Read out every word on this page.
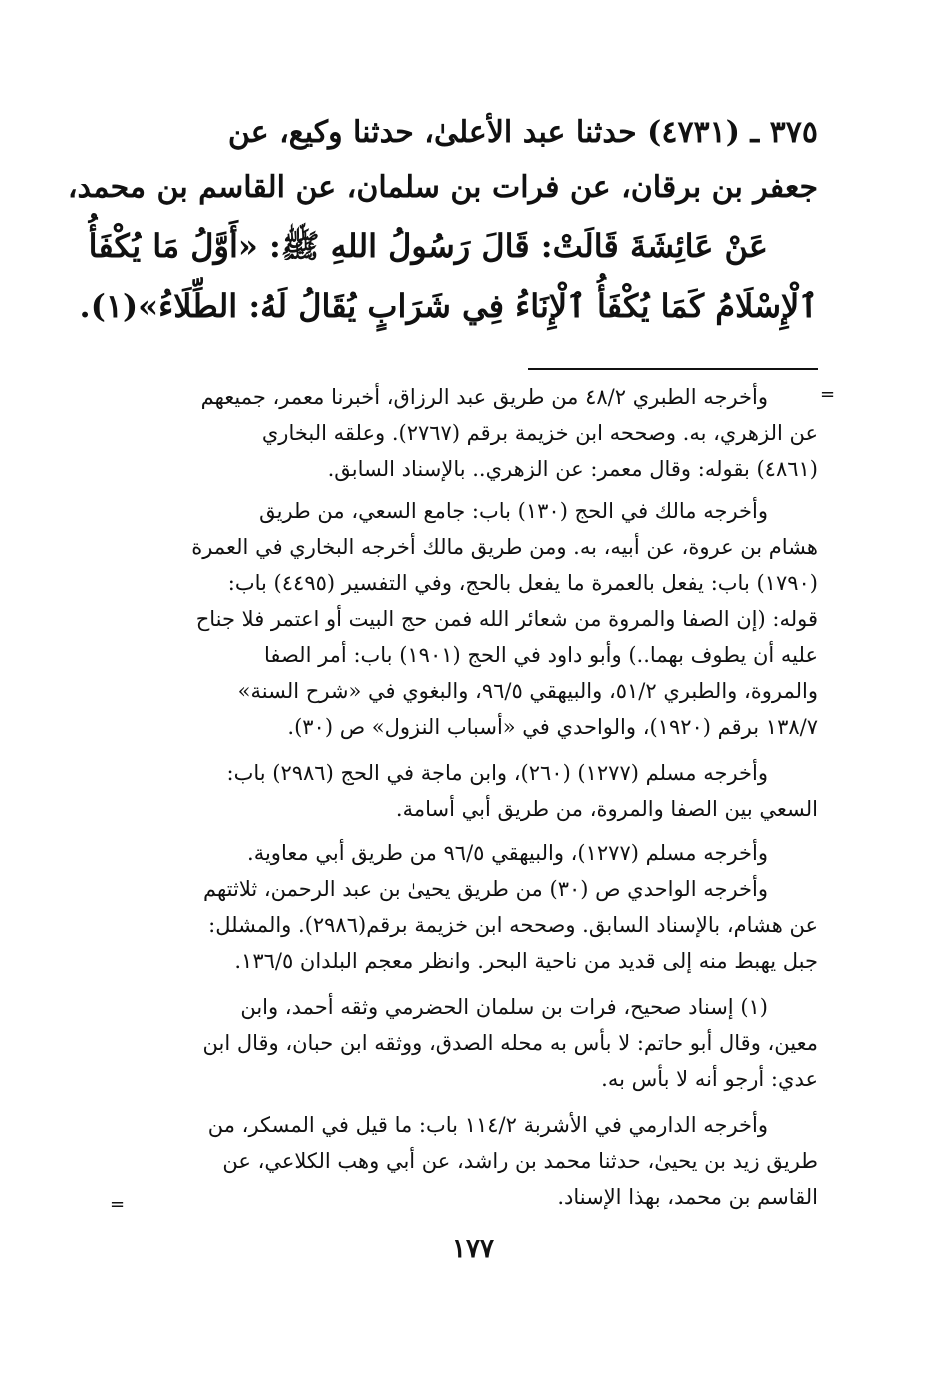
٣٧٥ ـ (٤٧٣١) حدثنا عبد الأعلىٰ، حدثنا وكيع، عن
جعفر بن برقان، عن فرات بن سلمان، عن القاسم بن محمد،
عَنْ عَائِشَةَ قَالَتْ: قَالَ رَسُولُ اللهِ ﷺ: «أَوَّلُ مَا يُكْفَأُ
ٱلْإِسْلَامُ كَمَا يُكْفَأُ ٱلْإِنَاءُ فِي شَرَابٍ يُقَالُ لَهُ: الطِّلَاءُ»(١).
=
=
وأخرجه الطبري ٤٨/٢ من طريق عبد الرزاق، أخبرنا معمر، جميعهم
عن الزهري، به. وصححه ابن خزيمة برقم (٢٧٦٧). وعلقه البخاري
(٤٨٦١) بقوله: وقال معمر: عن الزهري.. بالإسناد السابق.
وأخرجه مالك في الحج (١٣٠) باب: جامع السعي، من طريق
هشام بن عروة، عن أبيه، به. ومن طريق مالك أخرجه البخاري في العمرة
(١٧٩٠) باب: يفعل بالعمرة ما يفعل بالحج، وفي التفسير (٤٤٩٥) باب:
قوله: (إن الصفا والمروة من شعائر الله فمن حج البيت أو اعتمر فلا جناح
عليه أن يطوف بهما..) وأبو داود في الحج (١٩٠١) باب: أمر الصفا
والمروة، والطبري ٥١/٢، والبيهقي ٩٦/٥، والبغوي في «شرح السنة»
١٣٨/٧ برقم (١٩٢٠)، والواحدي في «أسباب النزول» ص (٣٠).
وأخرجه مسلم (١٢٧٧) (٢٦٠)، وابن ماجة في الحج (٢٩٨٦) باب:
السعي بين الصفا والمروة، من طريق أبي أسامة.
وأخرجه مسلم (١٢٧٧)، والبيهقي ٩٦/٥ من طريق أبي معاوية.
وأخرجه الواحدي ص (٣٠) من طريق يحيىٰ بن عبد الرحمن، ثلاثتهم
عن هشام، بالإسناد السابق. وصححه ابن خزيمة برقم(٢٩٨٦). والمشلل:
جبل يهبط منه إلى قديد من ناحية البحر. وانظر معجم البلدان ١٣٦/٥.
(١) إسناد صحيح، فرات بن سلمان الحضرمي وثقه أحمد، وابن
معين، وقال أبو حاتم: لا بأس به محله الصدق، ووثقه ابن حبان، وقال ابن
عدي: أرجو أنه لا بأس به.
وأخرجه الدارمي في الأشربة ١١٤/٢ باب: ما قيل في المسكر، من
طريق زيد بن يحيىٰ، حدثنا محمد بن راشد، عن أبي وهب الكلاعي، عن
القاسم بن محمد، بهذا الإسناد.
١٧٧
